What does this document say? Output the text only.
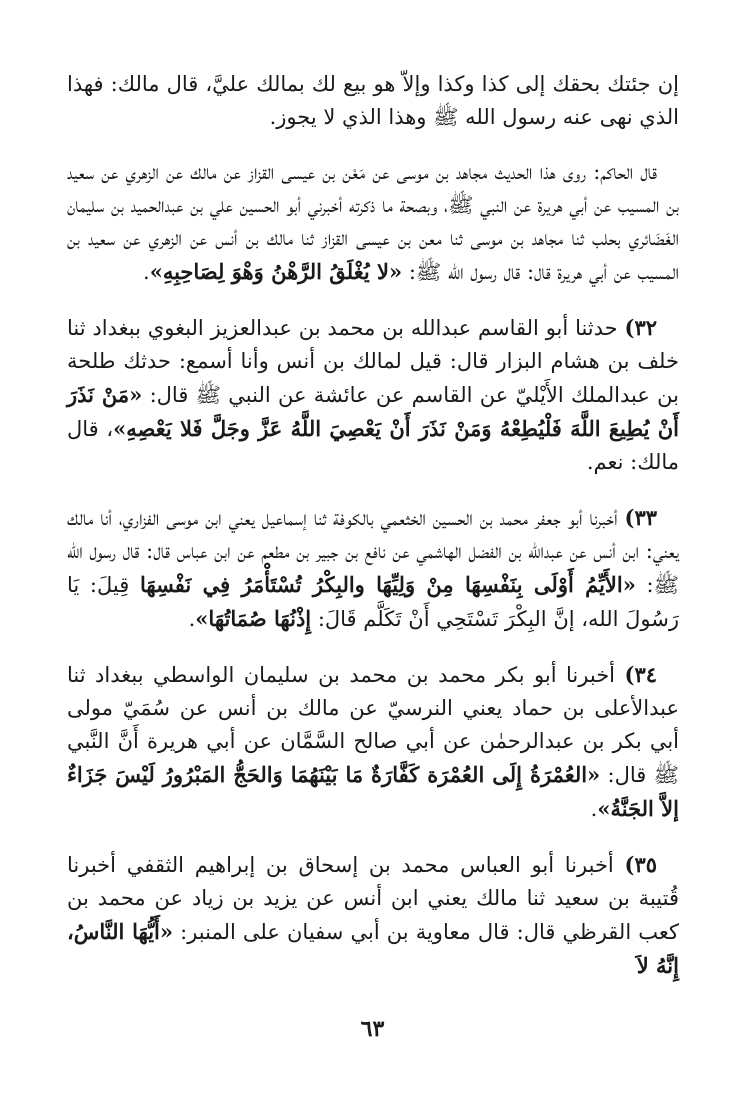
إن جئتك بحقك إلى كذا وكذا وإلاّ هو بيع لك بمالك عليَّ، قال مالك: فهذا الذي نهى عنه رسول الله ﷺ وهذا الذي لا يجوز.

قال الحاكم: روى هذا الحديث مجاهد بن موسى عن مَعْن بن عيسى القزاز عن مالك عن الزهري عن سعيد بن المسيب عن أبي هريرة عن النبي ﷺ، وبصحة ما ذكرته أخبرني أبو الحسين علي بن عبدالحميد بن سليمان الغَضَائري بحلب ثنا مجاهد بن موسى ثنا معن بن عيسى القزاز ثنا مالك بن أنس عن الزهري عن سعيد بن المسيب عن أبي هريرة قال: قال رسول الله ﷺ: «لا يُغْلَقُ الرَّهْنُ وَهْوَ لِصَاحِبِهِ».

٣٢) حدثنا أبو القاسم عبدالله بن محمد بن عبدالعزيز البغوي ببغداد ثنا خلف بن هشام البزار قال: قيل لمالك بن أنس وأنا أسمع: حدثك طلحة بن عبدالملك الأَيْليّ عن القاسم عن عائشة عن النبي ﷺ قال: «مَنْ نَذَرَ أَنْ يُطِيعَ اللَّهَ فَلْيُطِعْهُ وَمَنْ نَذَرَ أَنْ يَعْصِيَ اللَّهُ عَزَّ وجَلَّ فَلا يَعْصِهِ»، قال مالك: نعم.

٣٣) أخبرنا أبو جعفر محمد بن الحسين الخثعمي بالكوفة ثنا إسماعيل يعني ابن موسى الفزاري، أنا مالك يعني: ابن أنس عن عبدالله بن الفضل الهاشمي عن نافع بن جبير بن مطعم عن ابن عباس قال: قال رسول الله ﷺ: «الأَيِّمُ أَوْلَى بِنَفْسِهَا مِنْ وَلِيِّهَا والبِكْرُ تُسْتَأْمَرُ فِي نَفْسِهَا قِيلَ: يَا رَسُولَ الله، إنَّ البِكْرَ تَسْتَحِي أَنْ تَكَلَّم قَالَ: إِذْنُهَا صُمَاتُهَا».

٣٤) أخبرنا أبو بكر محمد بن محمد بن سليمان الواسطي ببغداد ثنا عبدالأعلى بن حماد يعني النرسيّ عن مالك بن أنس عن سُمَيّ مولى أبي بكر بن عبدالرحمٰن عن أبي صالح السَّمَّان عن أبي هريرة أَنَّ النَّبي ﷺ قال: «العُمْرَةُ إِلَى العُمْرَة كَفَّارَةٌ مَا بَيْنَهُمَا وَالحَجُّ المَبْرُورُ لَيْسَ جَزَاءٌ إلاَّ الجَنَّةُ».

٣٥) أخبرنا أبو العباس محمد بن إسحاق بن إبراهيم الثقفي أخبرنا قُتيبة بن سعيد ثنا مالك يعني ابن أنس عن يزيد بن زياد عن محمد بن كعب القرظي قال: قال معاوية بن أبي سفيان على المنبر: «أَيُّهَا النَّاسُ، إِنَّهُ لاَ

٦٣
